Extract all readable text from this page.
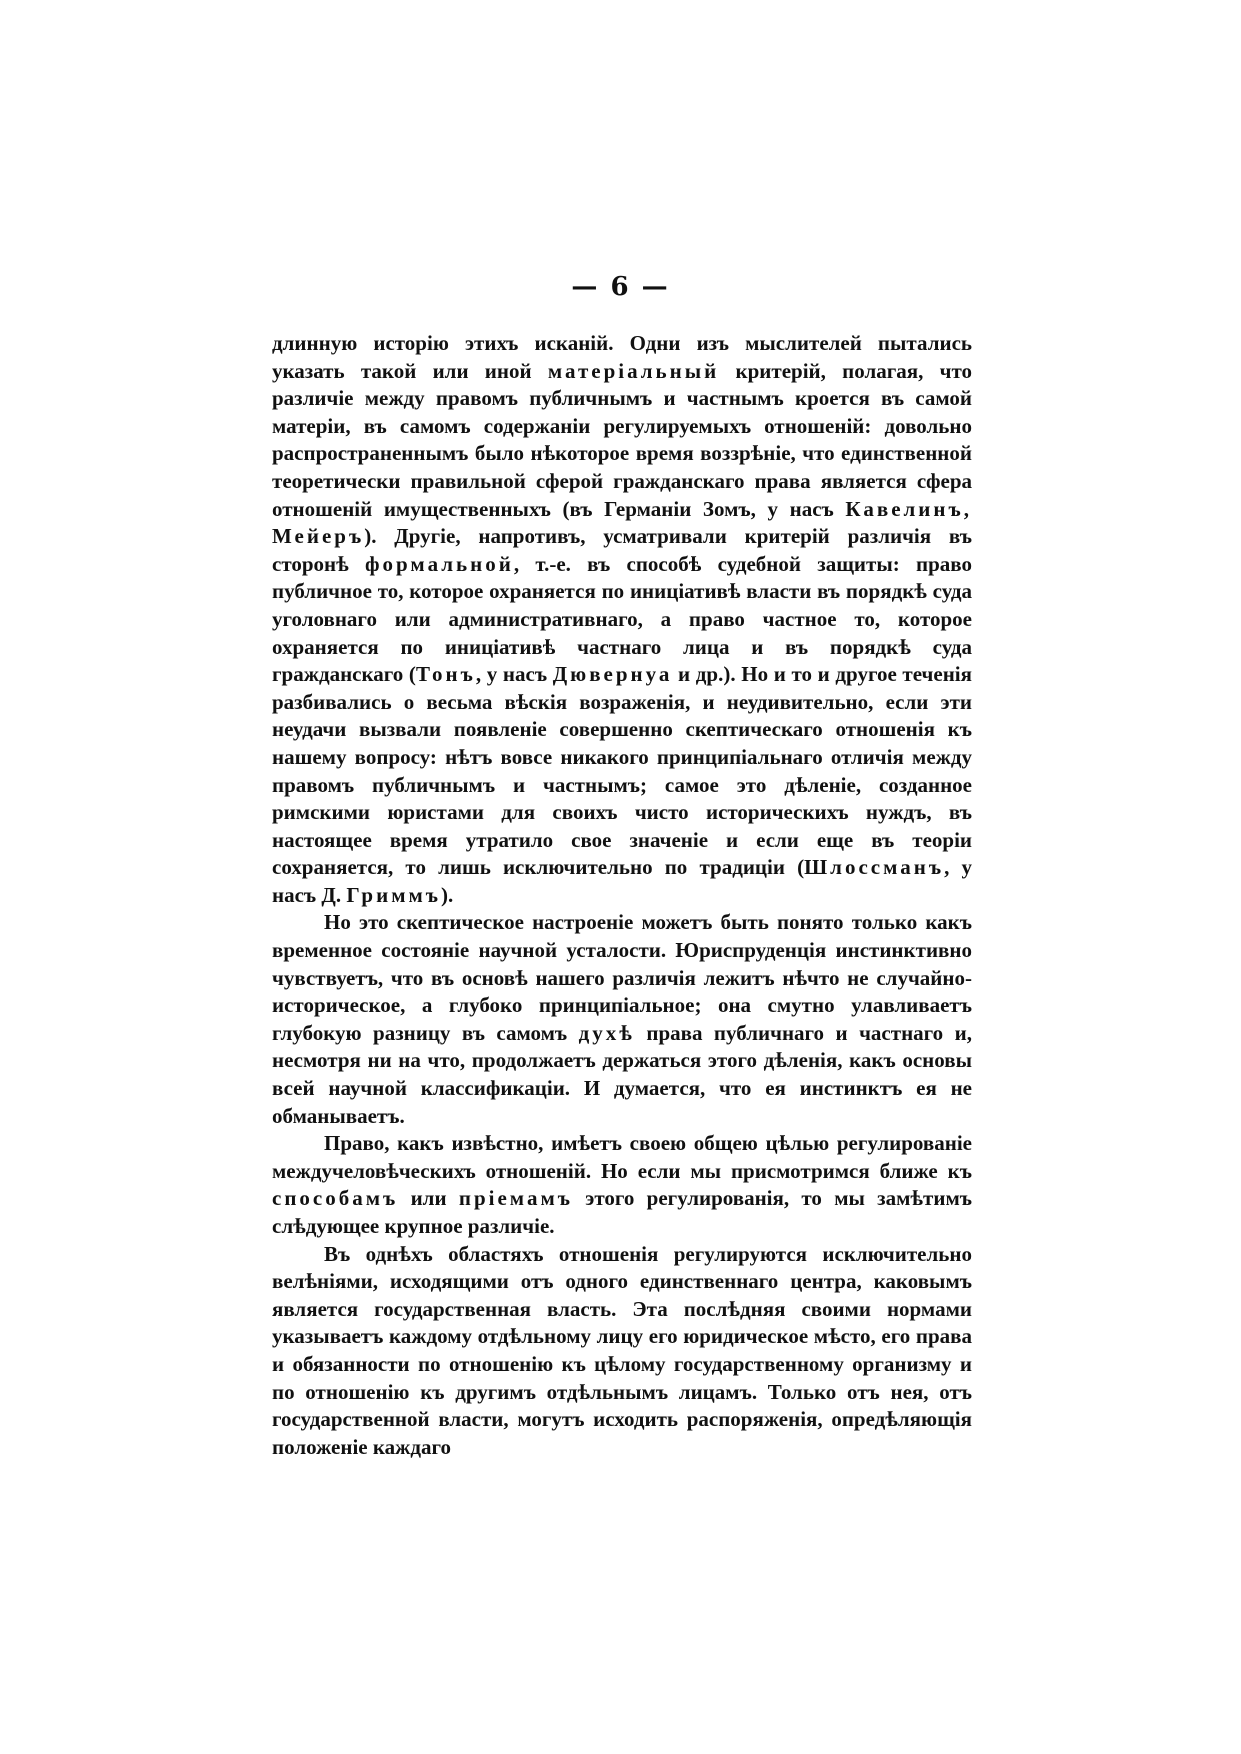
— 6 —

длинную исторію этихъ исканій. Одни изъ мыслителей пытались указать такой или иной матеріальный критерій, полагая, что различіе между правомъ публичнымъ и частнымъ кроется въ самой матеріи, въ самомъ содержаніи регулируемыхъ отношеній: довольно распространеннымъ было нѣкоторое время воззрѣніе, что единственной теоретически правильной сферой гражданскаго права является сфера отношеній имущественныхъ (въ Германіи Зомъ, у насъ Кавелинъ, Мейеръ). Другіе, напротивъ, усматривали критерій различія въ сторонѣ формальной, т.-е. въ способѣ судебной защиты: право публичное то, которое охраняется по иниціативѣ власти въ порядкѣ суда уголовнаго или административнаго, а право частное то, которое охраняется по иниціативѣ частнаго лица и въ порядкѣ суда гражданскаго (Тонъ, у насъ Дювернуа и др.). Но и то и другое теченія разбивались о весьма вѣскія возраженія, и неудивительно, если эти неудачи вызвали появленіе совершенно скептическаго отношенія къ нашему вопросу: нѣтъ вовсе никакого принципіальнаго отличія между правомъ публичнымъ и частнымъ; самое это дѣленіе, созданное римскими юристами для своихъ чисто историческихъ нуждъ, въ настоящее время утратило свое значеніе и если еще въ теоріи сохраняется, то лишь исключительно по традиціи (Шлоссманъ, у насъ Д. Гриммъ).

Но это скептическое настроеніе можетъ быть понято только какъ временное состояніе научной усталости. Юриспруденція инстинктивно чувствуетъ, что въ основѣ нашего различія лежитъ нѣчто не случайно-историческое, а глубоко принципіальное; она смутно улавливаетъ глубокую разницу въ самомъ духѣ права публичнаго и частнаго и, несмотря ни на что, продолжаетъ держаться этого дѣленія, какъ основы всей научной классификаціи. И думается, что ея инстинктъ ея не обманываетъ.

Право, какъ извѣстно, имѣетъ своею общею цѣлью регулированіе междучеловѣческихъ отношеній. Но если мы присмотримся ближе къ способамъ или пріемамъ этого регулированія, то мы замѣтимъ слѣдующее крупное различіе.

Въ однѣхъ областяхъ отношенія регулируются исключительно велѣніями, исходящими отъ одного единственнаго центра, каковымъ является государственная власть. Эта послѣдняя своими нормами указываетъ каждому отдѣльному лицу его юридическое мѣсто, его права и обязанности по отношенію къ цѣлому государственному организму и по отношенію къ другимъ отдѣльнымъ лицамъ. Только отъ нея, отъ государственной власти, могутъ исходить распоряженія, опредѣляющія положеніе каждаго
